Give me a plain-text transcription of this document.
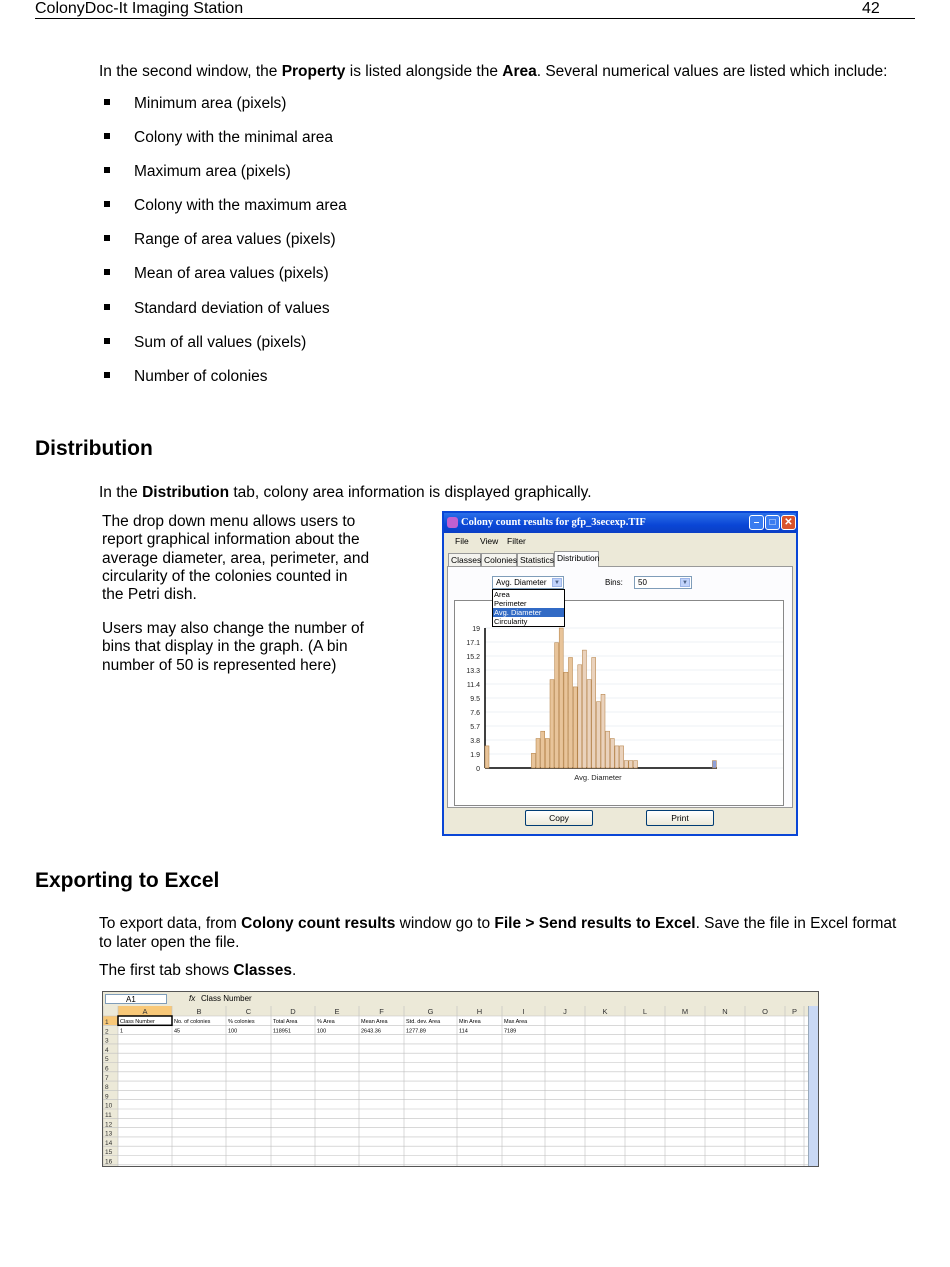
ColonyDoc-It Imaging Station	42
In the second window, the Property is listed alongside the Area. Several numerical values are listed which include:
Minimum area (pixels)
Colony with the minimal area
Maximum area (pixels)
Colony with the maximum area
Range of area values (pixels)
Mean of area values (pixels)
Standard deviation of values
Sum of all values (pixels)
Number of colonies
Distribution
In the Distribution tab, colony area information is displayed graphically.
The drop down menu allows users to report graphical information about the average diameter, area, perimeter, and circularity of the colonies counted in the Petri dish.
Users may also change the number of bins that display in the graph. (A bin number of 50 is represented here)
Colony count results for gfp_3secexp.TIF	–	□ ✕
File View Filter
Classes Colonies Statistics Distribution
Avg. Diameter	▼	Bins:	50	▼
Area
Perimeter
Avg. Diameter
Circularity
0
1.9
3.8
5.7
7.6
9.5
11.4
13.3
15.2
17.1
19
Avg. Diameter
Copy	Print
Exporting to Excel
To export data, from Colony count results window go to File > Send results to Excel. Save the file in Excel format to later open the file.
The first tab shows Classes.
A1	fx Class Number
A	B	C	D	E	F	G	H	I	J	K	L	M	N	O	P
1
2
3
4
5
6
7
8
9
10
11
12
13
14
15
16
Class Number	No. of colonies	% colonies	Total Area	% Area	Mean Area	Std. dev. Area	Min Area	Max Area
1	45	100	118951	100	2643.36	1277.89	114	7189
